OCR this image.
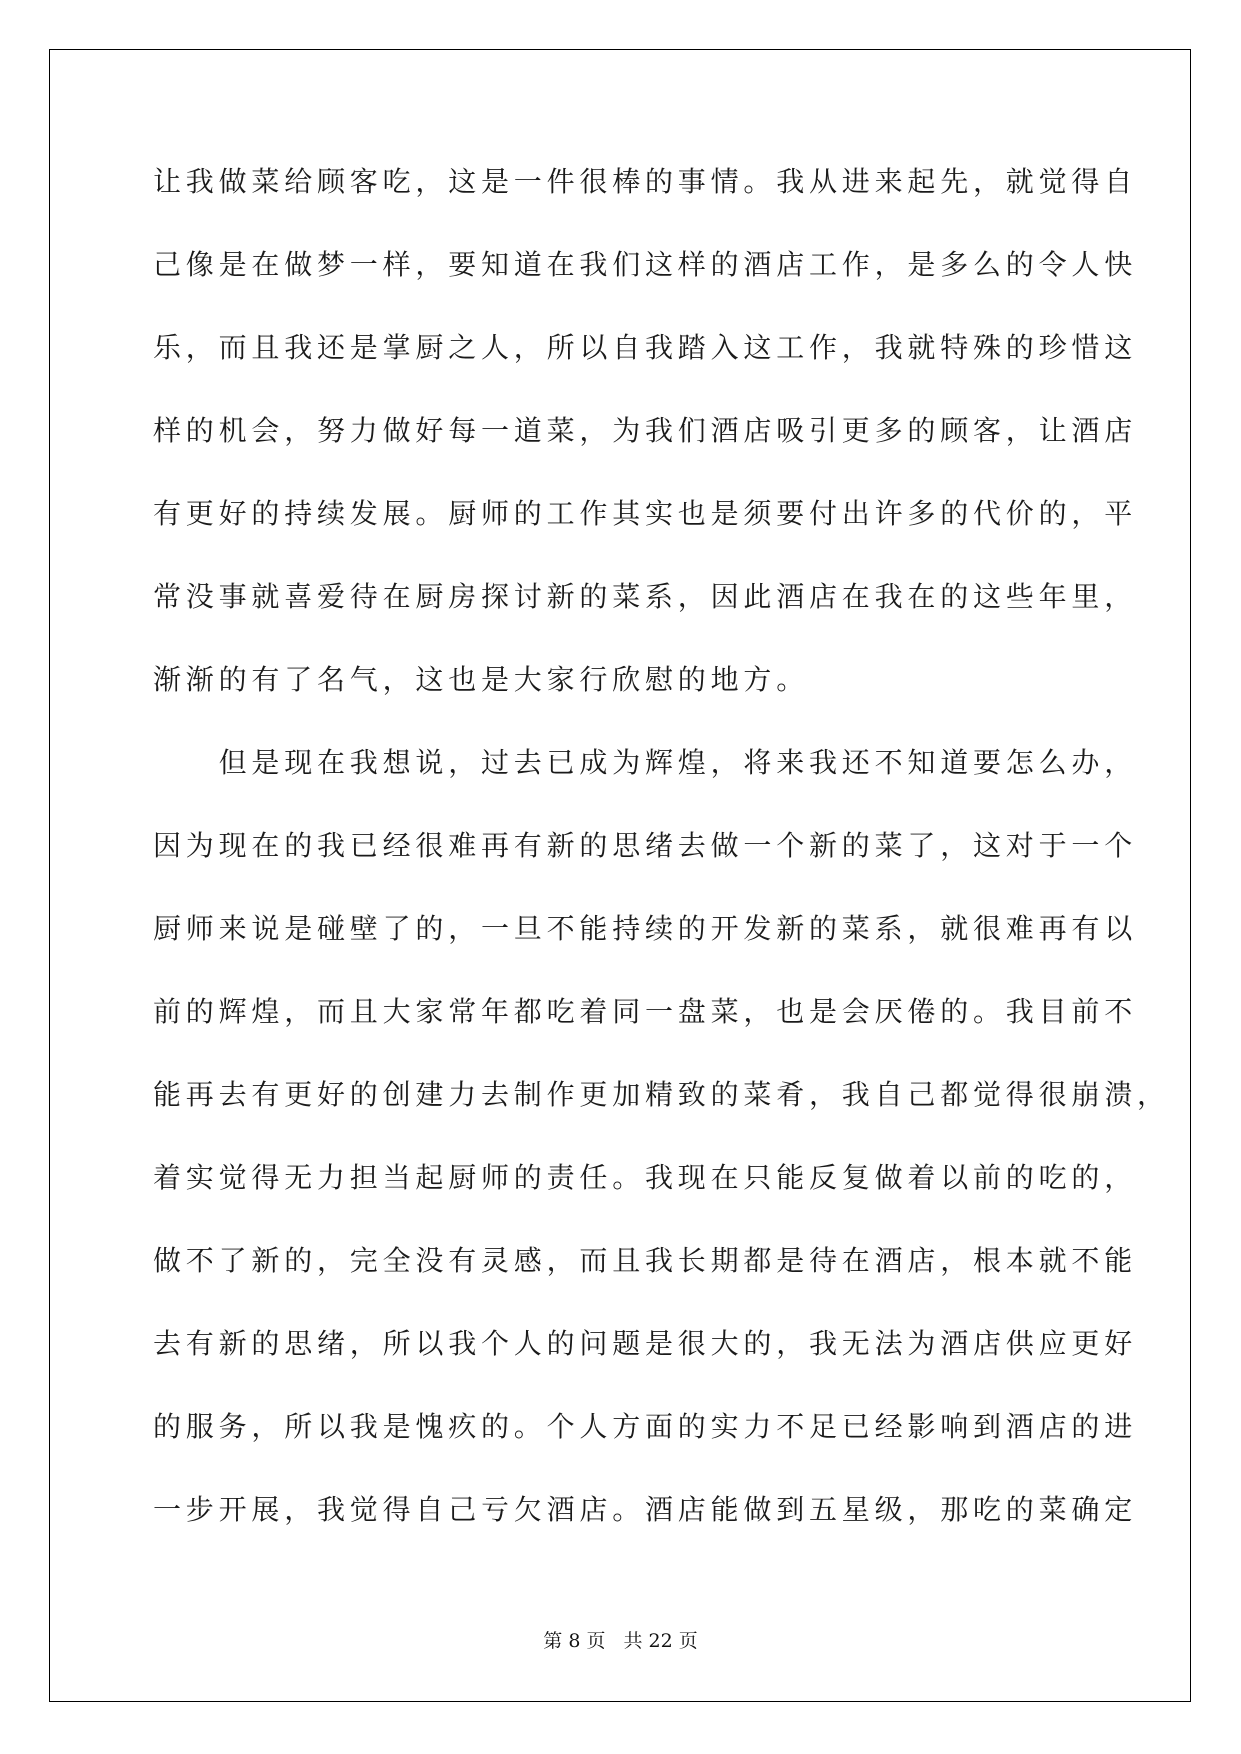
让我做菜给顾客吃，这是一件很棒的事情。我从进来起先，就觉得自
己像是在做梦一样，要知道在我们这样的酒店工作，是多么的令人快
乐，而且我还是掌厨之人，所以自我踏入这工作，我就特殊的珍惜这
样的机会，努力做好每一道菜，为我们酒店吸引更多的顾客，让酒店
有更好的持续发展。厨师的工作其实也是须要付出许多的代价的，平
常没事就喜爱待在厨房探讨新的菜系，因此酒店在我在的这些年里，
渐渐的有了名气，这也是大家行欣慰的地方。
　　但是现在我想说，过去已成为辉煌，将来我还不知道要怎么办，
因为现在的我已经很难再有新的思绪去做一个新的菜了，这对于一个
厨师来说是碰壁了的，一旦不能持续的开发新的菜系，就很难再有以
前的辉煌，而且大家常年都吃着同一盘菜，也是会厌倦的。我目前不
能再去有更好的创建力去制作更加精致的菜肴，我自己都觉得很崩溃，
着实觉得无力担当起厨师的责任。我现在只能反复做着以前的吃的，
做不了新的，完全没有灵感，而且我长期都是待在酒店，根本就不能
去有新的思绪，所以我个人的问题是很大的，我无法为酒店供应更好
的服务，所以我是愧疚的。个人方面的实力不足已经影响到酒店的进
一步开展，我觉得自己亏欠酒店。酒店能做到五星级，那吃的菜确定
第 8 页 共 22 页
